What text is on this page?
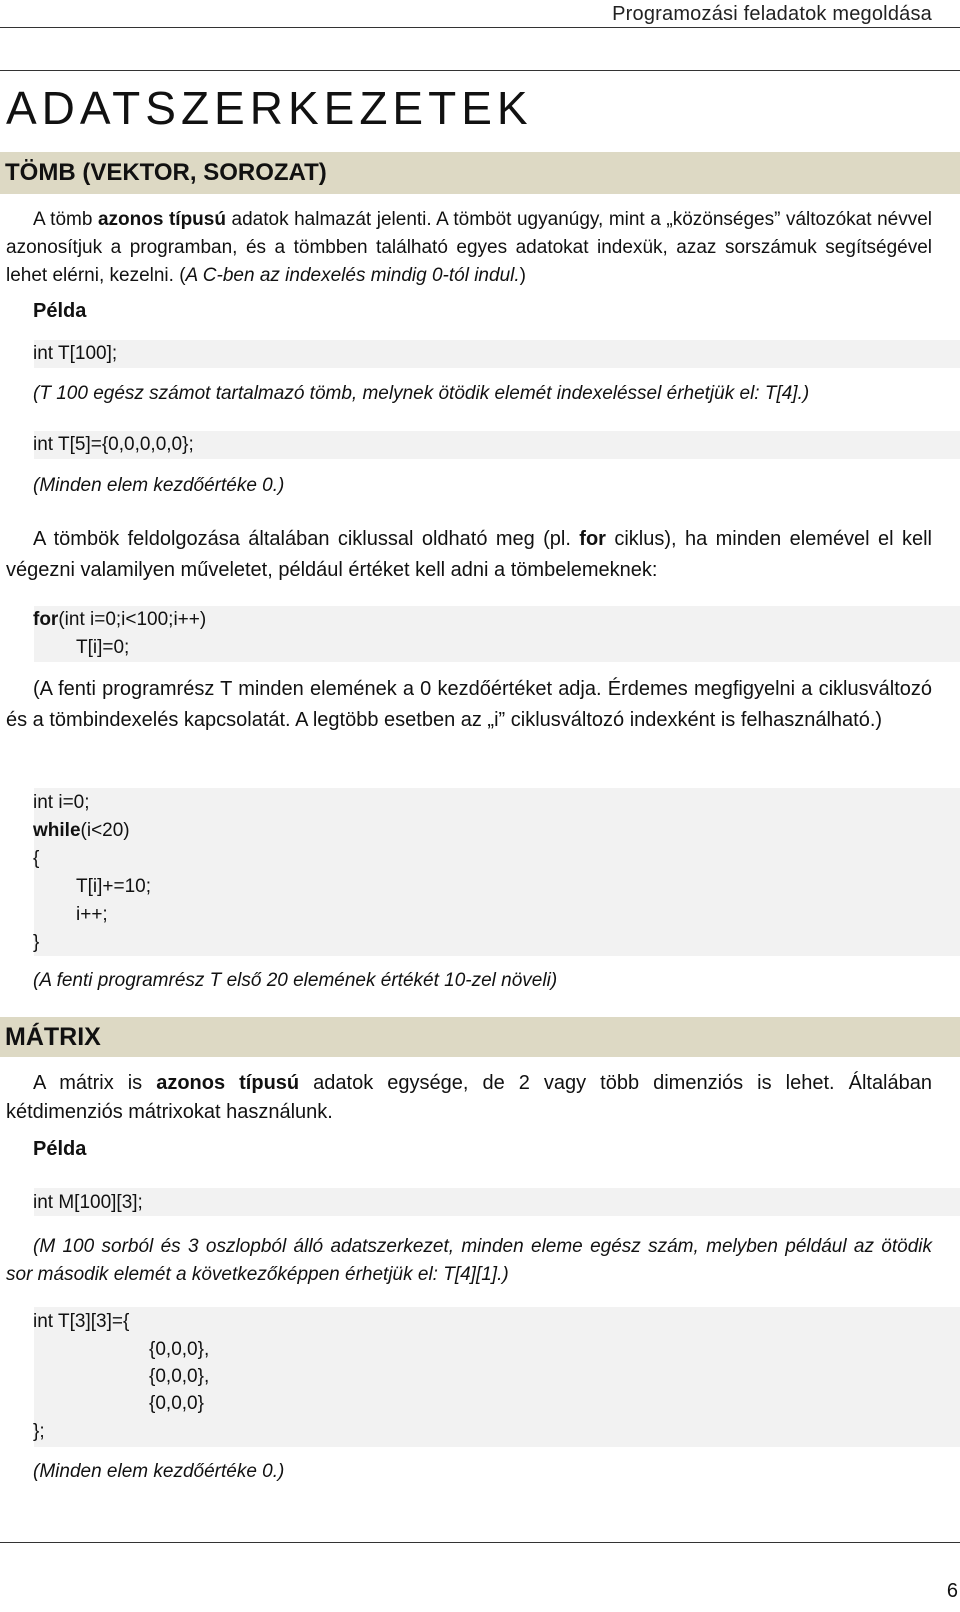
Programozási feladatok megoldása
ADATSZERKEZETEK
TÖMB (VEKTOR, SOROZAT)
A tömb azonos típusú adatok halmazát jelenti. A tömböt ugyanúgy, mint a „közönséges” változókat névvel azonosítjuk a programban, és a tömbben található egyes adatokat indexük, azaz sorszámuk segítségével lehet elérni, kezelni. (A C-ben az indexelés mindig 0-tól indul.)
Példa
int T[100];
(T 100 egész számot tartalmazó tömb, melynek ötödik elemét indexeléssel érhetjük el: T[4].)
int T[5]={0,0,0,0,0};
(Minden elem kezdőértéke 0.)
A tömbök feldolgozása általában ciklussal oldható meg (pl. for ciklus), ha minden elemével el kell végezni valamilyen műveletet, például értéket kell adni a tömbelemeknek:
for(int i=0;i<100;i++)
T[i]=0;
(A fenti programrész T minden elemének a 0 kezdőértéket adja. Érdemes megfigyelni a ciklusváltozó és a tömbindexelés kapcsolatát. A legtöbb esetben az „i” ciklusváltozó indexként is felhasználható.)
int i=0;
while(i<20)
{
T[i]+=10;
i++;
}
(A fenti programrész T első 20 elemének értékét 10-zel növeli)
MÁTRIX
A mátrix is azonos típusú adatok egysége, de 2 vagy több dimenziós is lehet. Általában kétdimenziós mátrixokat használunk.
Példa
int M[100][3];
(M 100 sorból és 3 oszlopból álló adatszerkezet, minden eleme egész szám, melyben például az ötödik sor második elemét a következőképpen érhetjük el: T[4][1].)
int T[3][3]={
{0,0,0},
{0,0,0},
{0,0,0}
};
(Minden elem kezdőértéke 0.)
6
